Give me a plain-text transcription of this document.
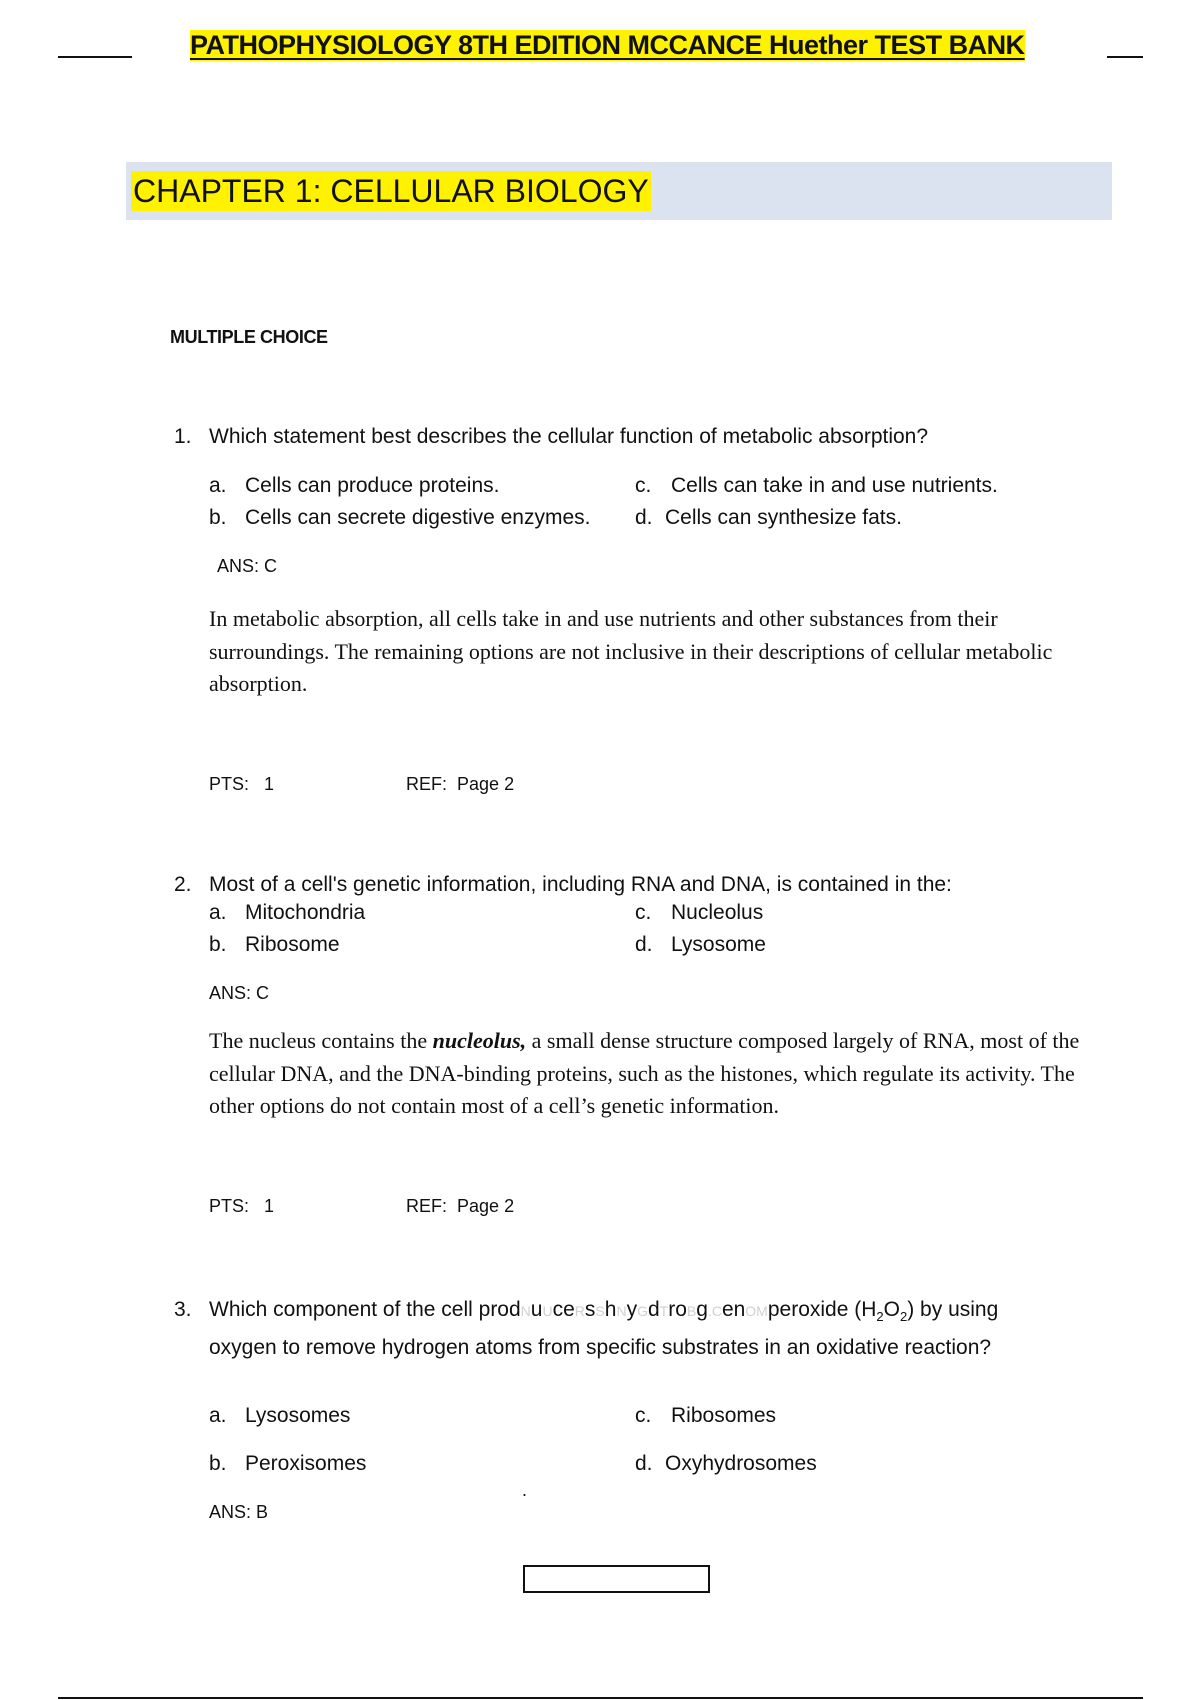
PATHOPHYSIOLOGY 8TH EDITION MCCANCE Huether TEST BANK
CHAPTER 1: CELLULAR BIOLOGY
MULTIPLE CHOICE
1. Which statement best describes the cellular function of metabolic absorption?
a. Cells can produce proteins.
b. Cells can secrete digestive enzymes.
c. Cells can take in and use nutrients.
d. Cells can synthesize fats.
ANS: C
In metabolic absorption, all cells take in and use nutrients and other substances from their surroundings. The remaining options are not inclusive in their descriptions of cellular metabolic absorption.
PTS: 1	REF: Page 2
2. Most of a cell's genetic information, including RNA and DNA, is contained in the:
a. Mitochondria
b. Ribosome
c. Nucleolus
d. Lysosome
ANS: C
The nucleus contains the nucleolus, a small dense structure composed largely of RNA, most of the cellular DNA, and the DNA-binding proteins, such as the histones, which regulate its activity. The other options do not contain most of a cell’s genetic information.
PTS: 1	REF: Page 2
3. Which component of the cell prodNuUceRsShNyGdTroBg.CenOMperoxide $(H_2O_2)$ by using oxygen to remove hydrogen atoms from specific substrates in an oxidative reaction?
a. Lysosomes
b. Peroxisomes
c. Ribosomes
d. Oxyhydrosomes
ANS: B
.
